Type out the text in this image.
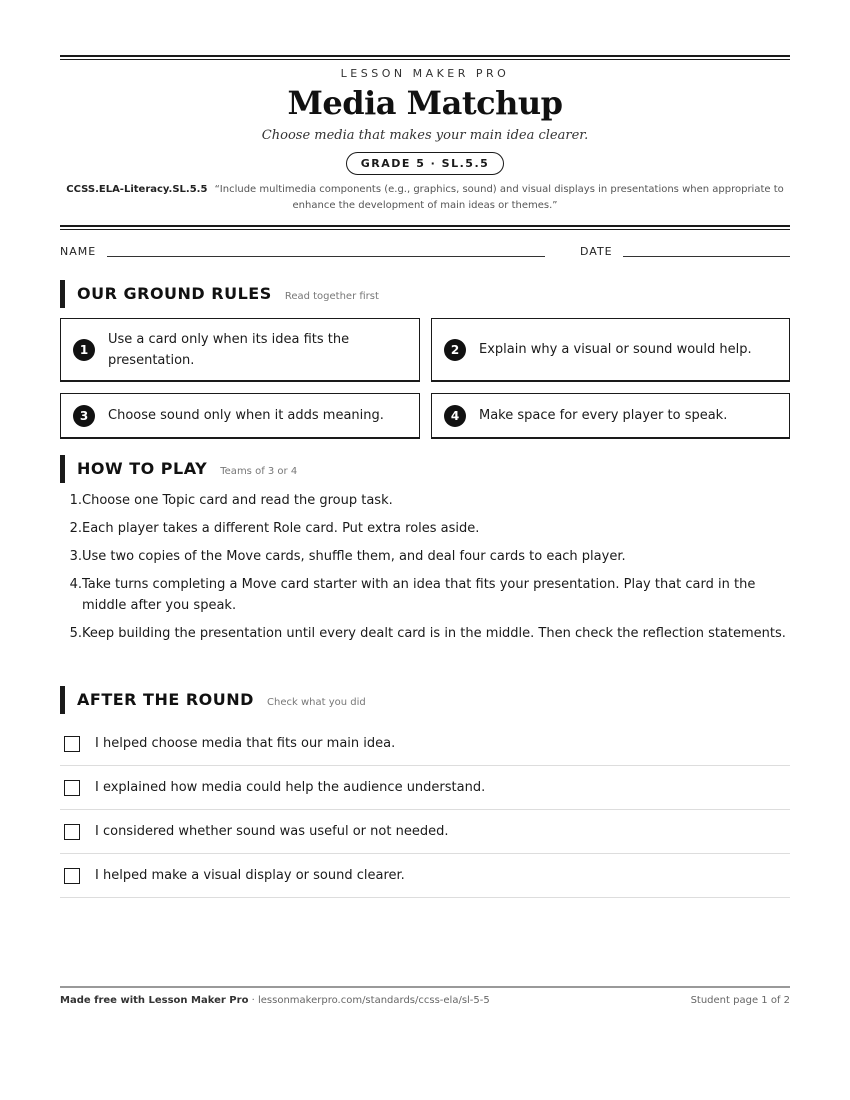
LESSON MAKER PRO
Media Matchup
Choose media that makes your main idea clearer.
GRADE 5 · SL.5.5
CCSS.ELA-Literacy.SL.5.5 “Include multimedia components (e.g., graphics, sound) and visual displays in presentations when appropriate to enhance the development of main ideas or themes.”
NAME	DATE
OUR GROUND RULES Read together first
1
Use a card only when its idea fits the presentation.
2	Explain why a visual or sound would help.
3	Choose sound only when it adds meaning.	4	Make space for every player to speak.
HOW TO PLAY Teams of 3 or 4
1. Choose one Topic card and read the group task.
2. Each player takes a different Role card. Put extra roles aside.
3. Use two copies of the Move cards, shuffle them, and deal four cards to each player.
4. Take turns completing a Move card starter with an idea that fits your presentation. Play that card in the middle after you speak.
5. Keep building the presentation until every dealt card is in the middle. Then check the reflection statements.
AFTER THE ROUND Check what you did
I helped choose media that fits our main idea.
I explained how media could help the audience understand.
I considered whether sound was useful or not needed.
I helped make a visual display or sound clearer.
Made free with Lesson Maker Pro · lessonmakerpro.com/standards/ccss-ela/sl-5-5	Student page 1 of 2
